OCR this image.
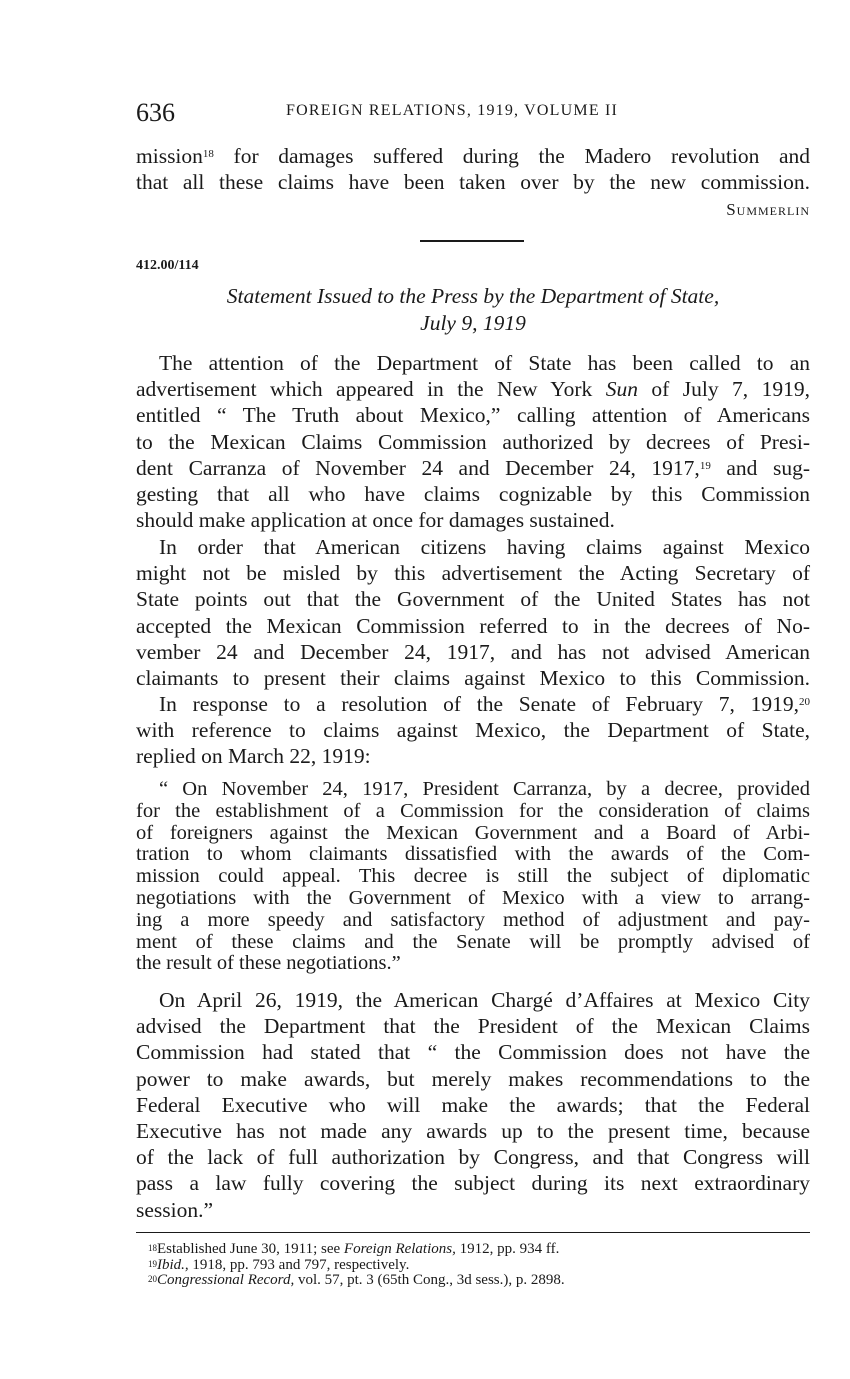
636	FOREIGN RELATIONS, 1919, VOLUME II
mission$^{18}$ for damages suffered during the Madero revolution and
that all these claims have been taken over by the new commission.
Summerlin
412.00/114
Statement Issued to the Press by the Department of State,
July 9, 1919
The attention of the Department of State has been called to an
advertisement which appeared in the New York Sun of July 7, 1919,
entitled “ The Truth about Mexico,” calling attention of Americans
to the Mexican Claims Commission authorized by decrees of Presi-
dent Carranza of November 24 and December 24, 1917,19 and sug-
gesting that all who have claims cognizable by this Commission
should make application at once for damages sustained.
In order that American citizens having claims against Mexico
might not be misled by this advertisement the Acting Secretary of
State points out that the Government of the United States has not
accepted the Mexican Commission referred to in the decrees of No-
vember 24 and December 24, 1917, and has not advised American
claimants to present their claims against Mexico to this Commission.
In response to a resolution of the Senate of February 7, 1919,20
with reference to claims against Mexico, the Department of State,
replied on March 22, 1919:
“ On November 24, 1917, President Carranza, by a decree, provided
for the establishment of a Commission for the consideration of claims
of foreigners against the Mexican Government and a Board of Arbi-
tration to whom claimants dissatisfied with the awards of the Com-
mission could appeal. This decree is still the subject of diplomatic
negotiations with the Government of Mexico with a view to arrang-
ing a more speedy and satisfactory method of adjustment and pay-
ment of these claims and the Senate will be promptly advised of
the result of these negotiations.”
On April 26, 1919, the American Chargé d’Affaires at Mexico City
advised the Department that the President of the Mexican Claims
Commission had stated that “ the Commission does not have the
power to make awards, but merely makes recommendations to the
Federal Executive who will make the awards; that the Federal
Executive has not made any awards up to the present time, because
of the lack of full authorization by Congress, and that Congress will
pass a law fully covering the subject during its next extraordinary
session.”
$^{18}$Established June 30, 1911; see Foreign Relations, 1912, pp. 934 ff.
$^{19}$Ibid., 1918, pp. 793 and 797, respectively.
$^{20}$Congressional Record, vol. 57, pt. 3 (65th Cong., 3d sess.), p. 2898.
